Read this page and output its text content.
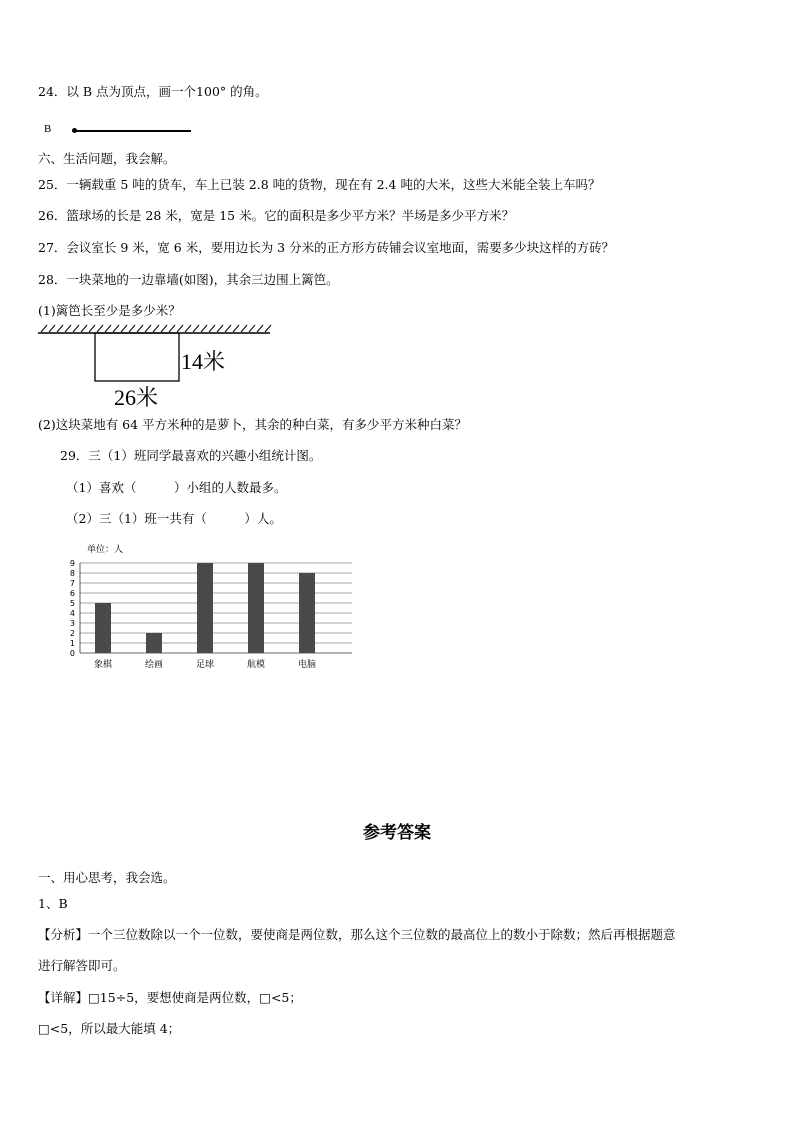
24．以 B 点为顶点，画一个100° 的角。
B
六、生活问题，我会解。
25．一辆载重 5 吨的货车，车上已装 2.8 吨的货物，现在有 2.4 吨的大米，这些大米能全装上车吗？
26．篮球场的长是 28 米，宽是 15 米。它的面积是多少平方米？半场是多少平方米？
27．会议室长 9 米，宽 6 米，要用边长为 3 分米的正方形方砖铺会议室地面，需要多少块这样的方砖？
28．一块菜地的一边靠墙(如图)，其余三边围上篱笆。
(1)篱笆长至少是多少米？
14米
26米
(2)这块菜地有 64 平方米种的是萝卜，其余的种白菜，有多少平方米种白菜？
29．三（1）班同学最喜欢的兴趣小组统计图。
（1）喜欢（　　　）小组的人数最多。
（2）三（1）班一共有（　　　）人。
单位：人
0
1
2
3
4
5
6
7
8
9
象棋	绘画	足球	航模	电脑
参考答案
一、用心思考，我会选。
1、B
【分析】一个三位数除以一个一位数，要使商是两位数，那么这个三位数的最高位上的数小于除数；然后再根据题意
进行解答即可。
【详解】□15÷5，要想使商是两位数，□<5；
□<5，所以最大能填 4；
